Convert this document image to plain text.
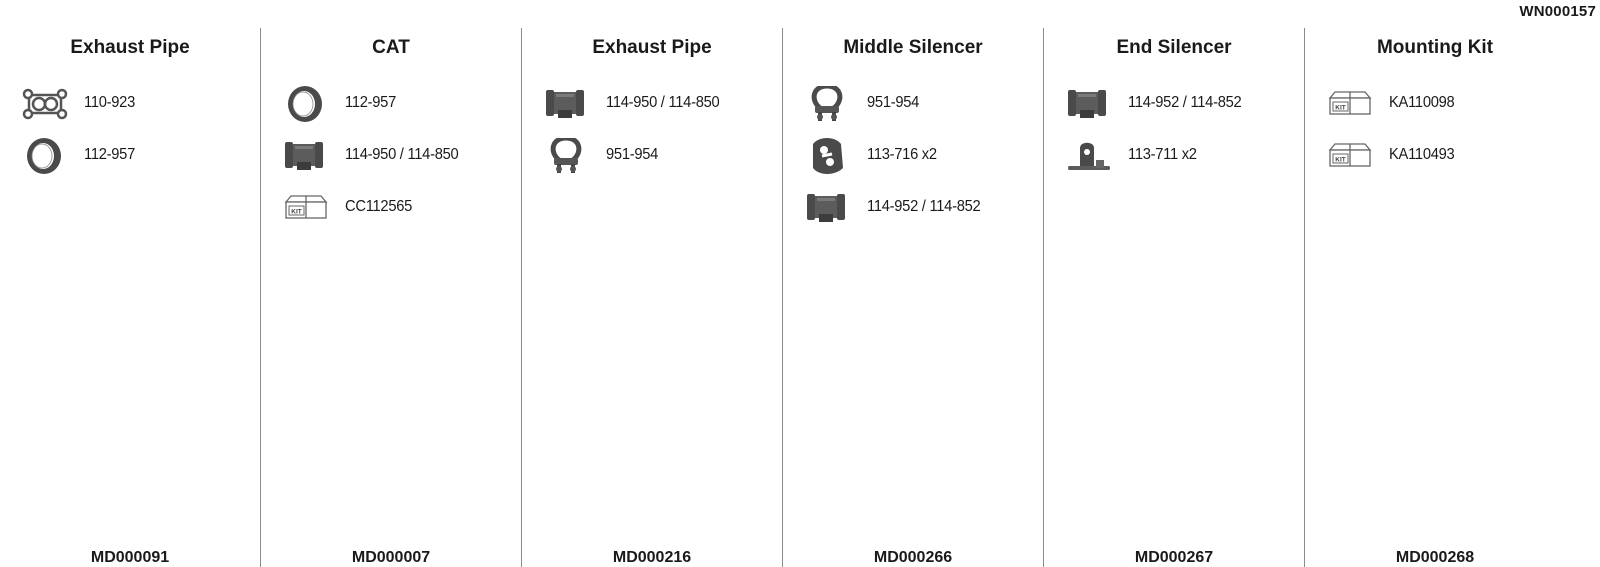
WN000157
Exhaust Pipe
110-923
112-957
MD000091
CAT
112-957
114-950 / 114-850
KIT	CC112565
MD000007
Exhaust Pipe
114-950 / 114-850
951-954
MD000216
Middle Silencer
951-954
113-716 x2
114-952 / 114-852
MD000266
End Silencer
114-952 / 114-852
113-711 x2
MD000267
Mounting Kit
KIT	KA110098
KIT	KA110493
MD000268
